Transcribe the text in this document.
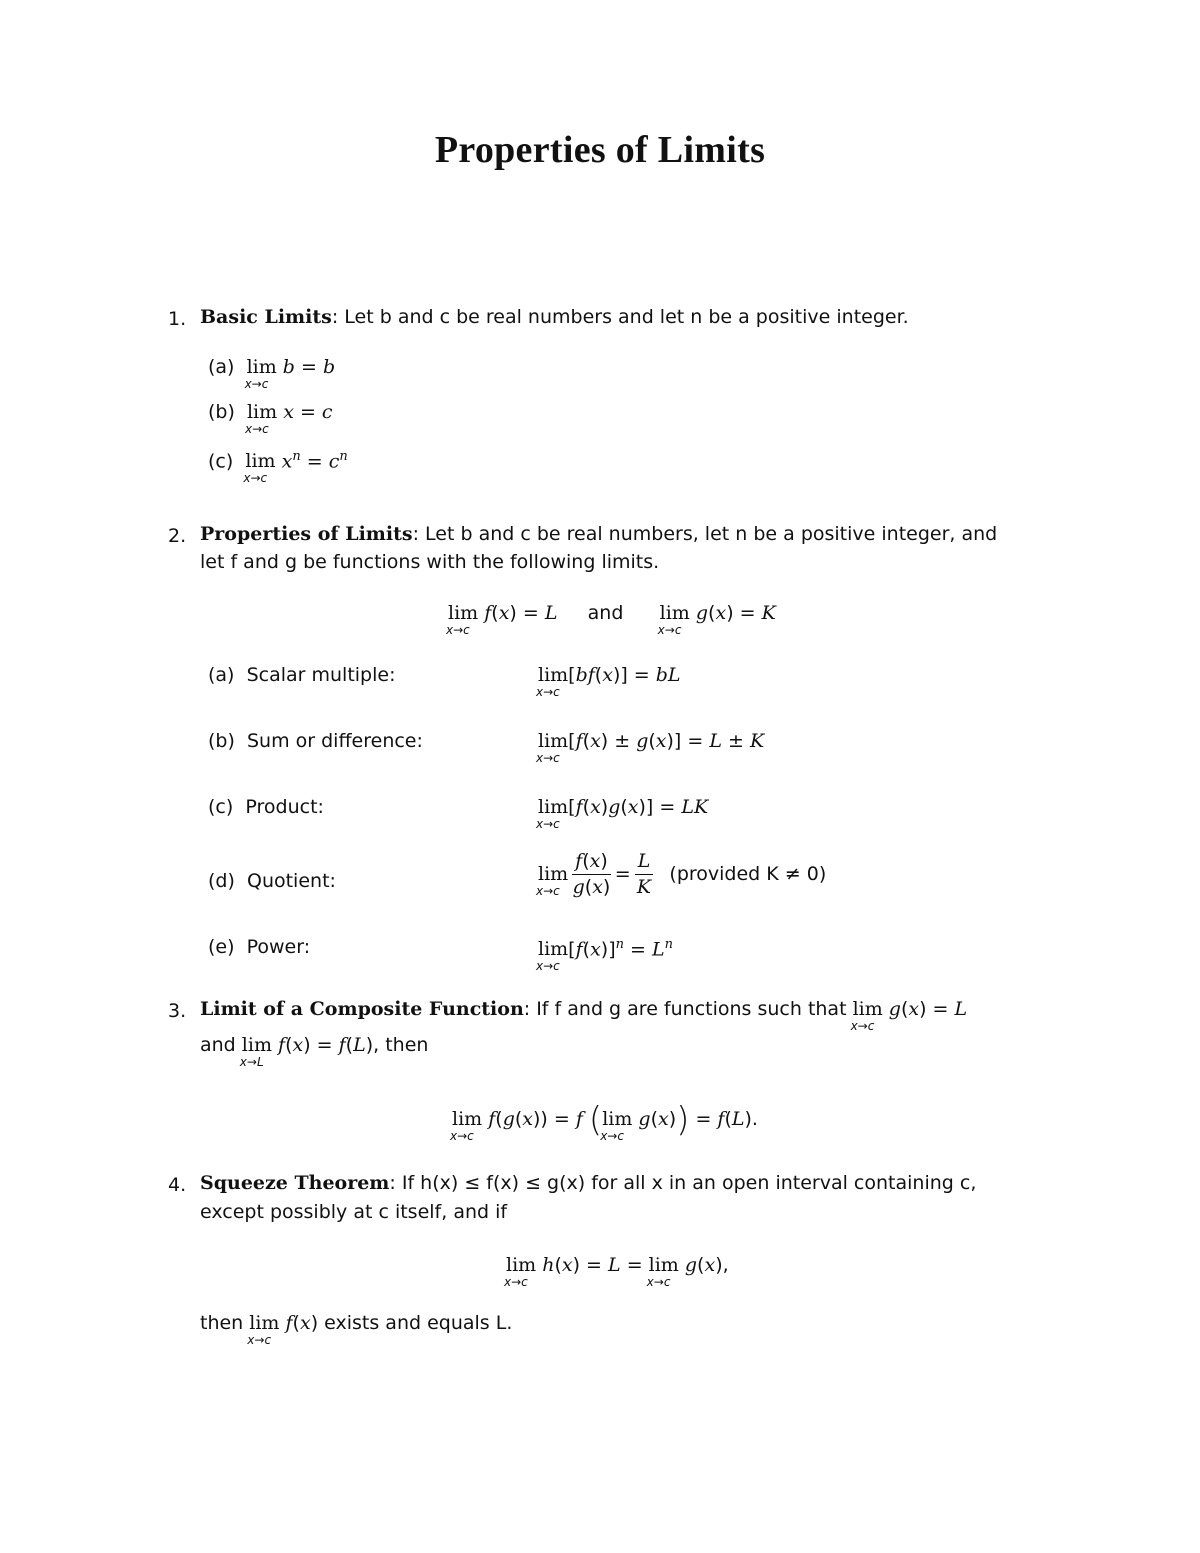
Properties of Limits
1. Basic Limits: Let b and c be real numbers and let n be a positive integer.
(a) lim
x→c
b = b
(b) lim
x→c
x = c
(c) lim
x→c
$x^n = c^n$
2. Properties of Limits: Let b and c be real numbers, let n be a positive integer, and
let f and g be functions with the following limits.
lim
x→c
f(x) = L and lim
x→c
g(x) = K
(a) Scalar multiple:	lim
x→c
[bf(x)] = bL
(b) Sum or difference:	lim
x→c
[f(x) ± g(x)] = L ± K
(c) Product:	lim
x→c
[f(x)g(x)] = LK
(d) Quotient:	lim
$x\to c \frac{f(x)}{g(x)} = \frac{L}{K}$ (provided K ≠ 0)
(e) Power:	lim
x→c
$[f(x)]^n = L^n$
3. Limit of a Composite Function: If f and g are functions such that lim
x→c
g(x) = L
and lim
x→L
f(x) = f(L), then
lim
x→c
f(g(x)) = f (lim
x→c
g(x)) = f(L).
4. Squeeze Theorem: If h(x) ≤ f(x) ≤ g(x) for all x in an open interval containing c,
except possibly at c itself, and if
lim
x→c
h(x) = L = lim
x→c
g(x),
then lim
x→c
f(x) exists and equals L.
